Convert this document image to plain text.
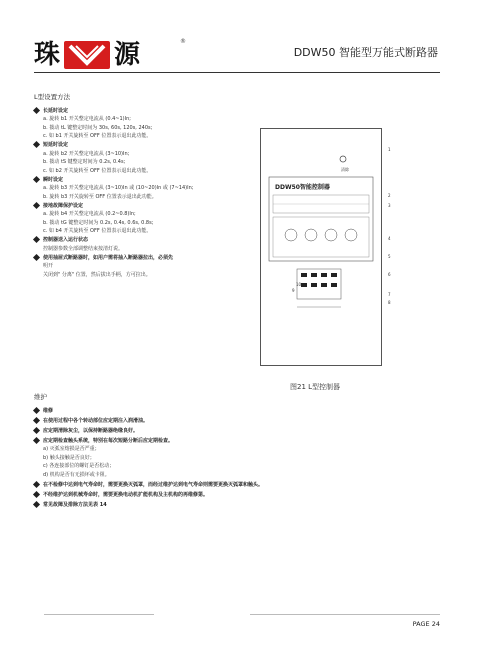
珠 源	®
DDW50 智能型万能式断路器
L型设置方法
长延时设定
a. 旋转 b1 开关整定电流从 (0.4~1)In;
b. 拨动 tL 键整定时间为 30s, 60s, 120s, 240s;
c. 如 b1 开关旋转至 OFF 位置表示退出此功能。
短延时设定
a. 旋转 b2 开关整定电流从 (3~10)In;
b. 拨动 tS 键整定时间为 0.2s, 0.4s;
c. 如 b2 开关旋转至 OFF 位置表示退出此功能。
瞬时设定
a. 旋转 b3 开关整定电流从 (3~10)In 或 (10~20)In 或 (7~14)In;
b. 旋转 b3 开关旋转至 OFF 位置表示退出此功能。
接地故障保护设定
a. 旋转 b4 开关整定电流从 (0.2~0.8)In;
b. 拨动 tG 键整定时间为 0.2s, 0.4s, 0.6s, 0.8s;
c. 如 b4 开关旋转至 OFF 位置表示退出此功能。
控制器送入运行状态
控制器参数全部调整结束按清灯说。
使用抽屉式断路器时，如用户需将抽入断路器拉出，必须先
明开
关闭到" 分离" 位置，然后拔出手柄，方可拉出。
清除
DDW50智能控制器
1
2
3
4
5
6
7
8
9
10
图21 L型控制器
维护
维修
在使用过程中各个转动部位应定期注入润滑油。
应定期清除灰尘，以保持断路器绝缘良好。
应定期检查触头系统，特别在每次短路分断后应定期检查。
a) 灭弧室熔损是否严重；
b) 触头接触是否良好；
c) 各连接部位的螺钉是否松动；
d) 机构是否有无损坏或卡阻。
在不检修中达到电气寿命时，需要更换灭弧罩，而经过维护达到电气寿命则需要更换灭弧罩和触头。
不经维护达到机械寿命时，需要更换电动机扩能机构及主机构的再维修第。
常见故障及排除方法见表 14
PAGE 24
